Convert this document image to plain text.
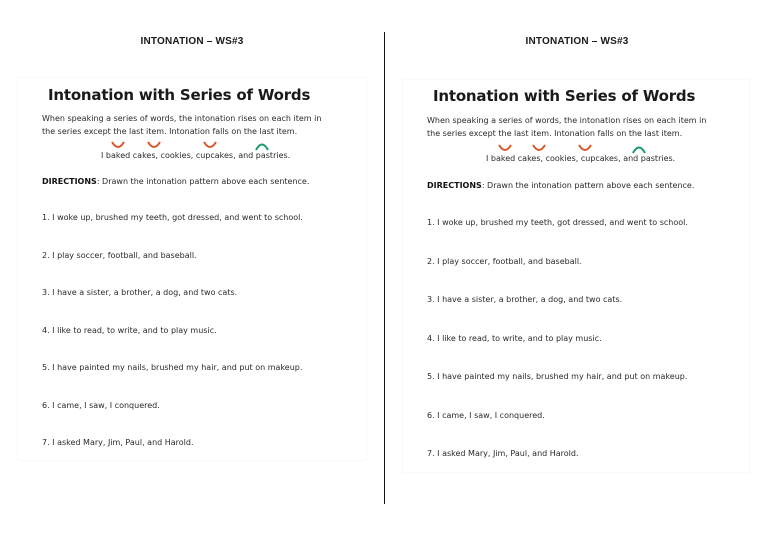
INTONATION – WS#3
Intonation with Series of Words
When speaking a series of words, the intonation rises on each item in
the series except the last item. Intonation falls on the last item.
I baked cakes, cookies, cupcakes, and pastries.
DIRECTIONS: Drawn the intonation pattern above each sentence.
1. I woke up, brushed my teeth, got dressed, and went to school.
2. I play soccer, football, and baseball.
3. I have a sister, a brother, a dog, and two cats.
4. I like to read, to write, and to play music.
5. I have painted my nails, brushed my hair, and put on makeup.
6. I came, I saw, I conquered.
7. I asked Mary, Jim, Paul, and Harold.
INTONATION – WS#3
Intonation with Series of Words
When speaking a series of words, the intonation rises on each item in
the series except the last item. Intonation falls on the last item.
I baked cakes, cookies, cupcakes, and pastries.
DIRECTIONS: Drawn the intonation pattern above each sentence.
1. I woke up, brushed my teeth, got dressed, and went to school.
2. I play soccer, football, and baseball.
3. I have a sister, a brother, a dog, and two cats.
4. I like to read, to write, and to play music.
5. I have painted my nails, brushed my hair, and put on makeup.
6. I came, I saw, I conquered.
7. I asked Mary, Jim, Paul, and Harold.
